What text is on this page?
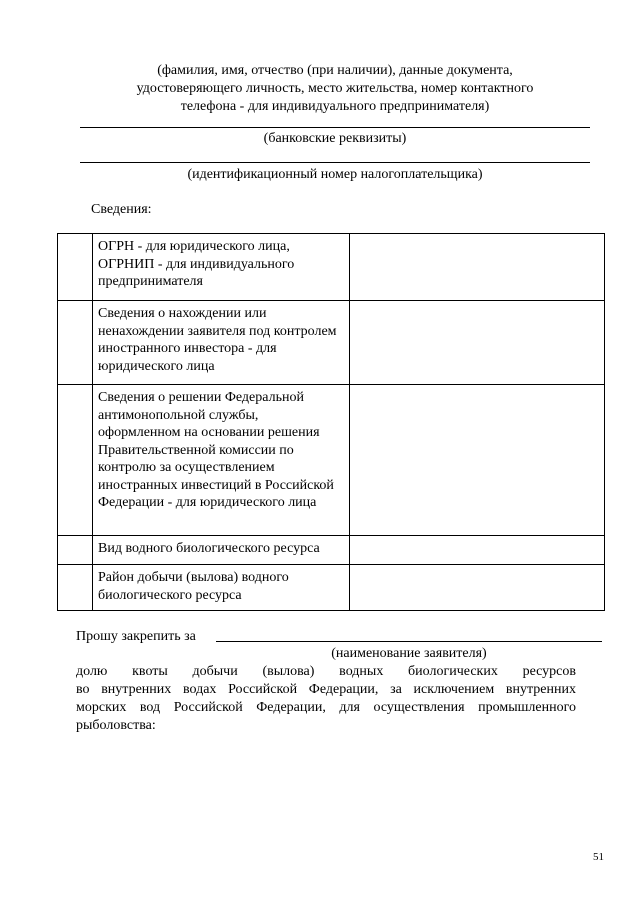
(фамилия, имя, отчество (при наличии), данные документа,
удостоверяющего личность, место жительства, номер контактного
телефона - для индивидуального предпринимателя)
(банковские реквизиты)
(идентификационный номер налогоплательщика)
Сведения:
	ОГРН - для юридического лица, ОГРНИП - для индивидуального предпринимателя	
	Сведения о нахождении или ненахождении заявителя под контролем иностранного инвестора - для юридического лица	
	Сведения о решении Федеральной антимонопольной службы, оформленном на основании решения Правительственной комиссии по контролю за осуществлением иностранных инвестиций в Российской Федерации - для юридического лица	
	Вид водного биологического ресурса	
	Район добычи (вылова) водного биологического ресурса	
Прошу закрепить за
(наименование заявителя)
долю квоты добычи (вылова) водных биологических ресурсов
во внутренних водах Российской Федерации, за исключением внутренних
морских вод Российской Федерации, для осуществления промышленного
рыболовства:
51
